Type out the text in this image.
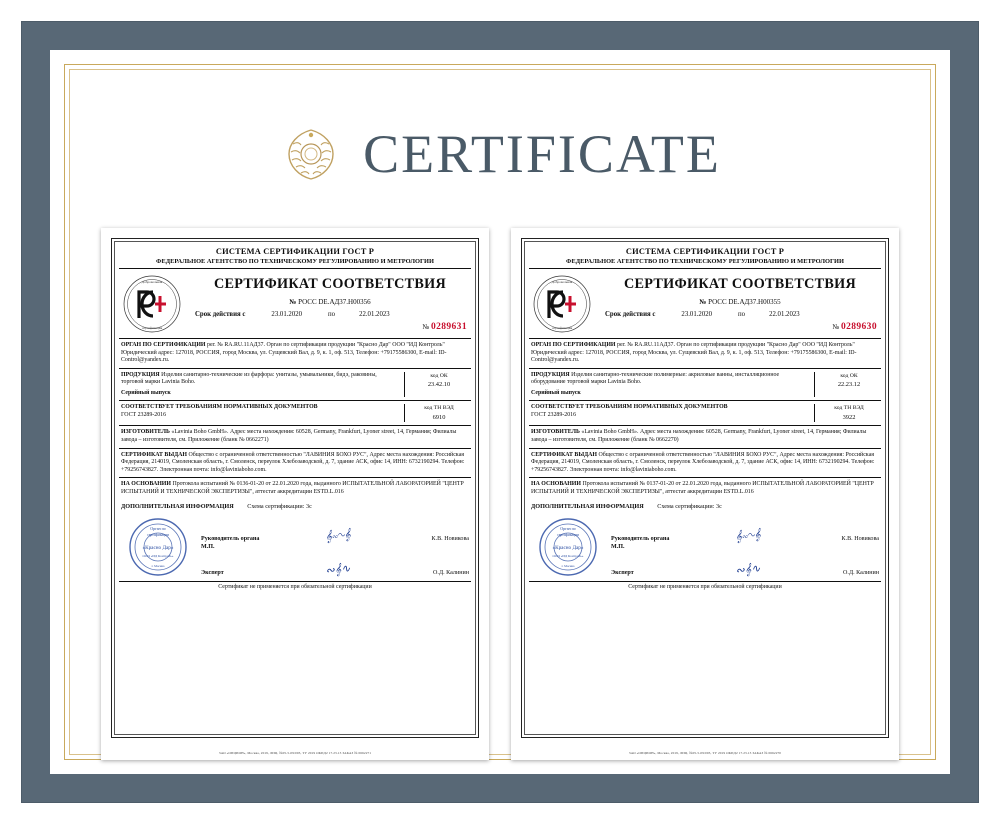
CERTIFICATE
СИСТЕМА СЕРТИФИКАЦИИ ГОСТ Р
ФЕДЕРАЛЬНОЕ АГЕНТСТВО ПО ТЕХНИЧЕСКОМУ РЕГУЛИРОВАНИЮ И МЕТРОЛОГИИ
Добровольная
сертификация
СЕРТИФИКАТ СООТВЕТСТВИЯ
№ РОСС DE.АД37.Н00356
Срок действия с	23.01.2020	по	22.01.2023
№ 0289631
ОРГАН ПО СЕРТИФИКАЦИИ рег. № RA.RU.11АД37. Орган по сертификации продукции "Красно Дар" ООО "ИД Контроль" Юридический адрес: 127018, РОССИЯ, город Москва, ул. Сущевский Вал, д. 9, к. 1, оф. 513, Телефон: +79175586300, E-mail: ID-Control@yandex.ru.
ПРОДУКЦИЯ Изделия санитарно-технические из фарфора: унитазы, умывальники, бидэ, раковины, торговой марки Lavinia Boho.
Серийный выпуск
код ОК
23.42.10
СООТВЕТСТВУЕТ ТРЕБОВАНИЯМ НОРМАТИВНЫХ ДОКУМЕНТОВ
ГОСТ 23289-2016
код ТН ВЭД
6910
ИЗГОТОВИТЕЛЬ «Lavinia Boho GmbH». Адрес места нахождения: 60528, Germany, Frankfurt, Lyoner street, 14, Германия; Филиалы завода – изготовителя, см. Приложение (бланк № 0662271)
СЕРТИФИКАТ ВЫДАН Общество с ограниченной ответственностью "ЛАВИНИЯ БОХО РУС", Адрес места нахождения: Российская Федерация, 214019, Смоленская область, г. Смоленск, переулок Хлебозаводской, д. 7, здание АСК, офис 14, ИНН: 6732190294. Телефон: +79256743827. Электронная почта: info@laviniaboho.com.
НА ОСНОВАНИИ Протокола испытаний № 0136-01-20 от 22.01.2020 года, выданного ИСПЫТАТЕЛЬНОЙ ЛАБОРАТОРИЕЙ "ЦЕНТР ИСПЫТАНИЙ И ТЕХНИЧЕСКОЙ ЭКСПЕРТИЗЫ", аттестат аккредитации ESTD.L.016
ДОПОЛНИТЕЛЬНАЯ ИНФОРМАЦИЯ Схема сертификации: 3с
Орган по
сертификации
«Красно Дар»
ООО «ИД Контроль»
г. Москва
Руководитель органа	𝄞∾∿𝄞	К.В. Новикова
М.П.
Эксперт	∾𝄞∿	О.Д. Калинин
Сертификат не применяется при обязательной сертификации
ЗАО «ОПЦИОН», Москва, 2019, ЛИЦ. №05-5-09/003, ТУ 2019 ОКПД2 17.23.13 ЗАКАЗ № 0662271
СИСТЕМА СЕРТИФИКАЦИИ ГОСТ Р
ФЕДЕРАЛЬНОЕ АГЕНТСТВО ПО ТЕХНИЧЕСКОМУ РЕГУЛИРОВАНИЮ И МЕТРОЛОГИИ
Добровольная
сертификация
СЕРТИФИКАТ СООТВЕТСТВИЯ
№ РОСС DE.АД37.Н00355
Срок действия с	23.01.2020	по	22.01.2023
№ 0289630
ОРГАН ПО СЕРТИФИКАЦИИ рег. № RA.RU.11АД37. Орган по сертификации продукции "Красно Дар" ООО "ИД Контроль" Юридический адрес: 127018, РОССИЯ, город Москва, ул. Сущевский Вал, д. 9, к. 1, оф. 513, Телефон: +79175586300, E-mail: ID-Control@yandex.ru.
ПРОДУКЦИЯ Изделия санитарно-технические полимерные: акриловые ванны, инсталляционное оборудование торговой марки Lavinia Boho.
Серийный выпуск
код ОК
22.23.12
СООТВЕТСТВУЕТ ТРЕБОВАНИЯМ НОРМАТИВНЫХ ДОКУМЕНТОВ
ГОСТ 23289-2016
код ТН ВЭД
3922
ИЗГОТОВИТЕЛЬ «Lavinia Boho GmbH». Адрес места нахождения: 60528, Germany, Frankfurt, Lyoner street, 14, Германия; Филиалы завода – изготовителя, см. Приложение (бланк № 0662270)
СЕРТИФИКАТ ВЫДАН Общество с ограниченной ответственностью "ЛАВИНИЯ БОХО РУС", Адрес места нахождения: Российская Федерация, 214019, Смоленская область, г. Смоленск, переулок Хлебозаводской, д. 7, здание АСК, офис 14, ИНН: 6732190294. Телефон: +79256743827. Электронная почта: info@laviniaboho.com.
НА ОСНОВАНИИ Протокола испытаний № 0137-01-20 от 22.01.2020 года, выданного ИСПЫТАТЕЛЬНОЙ ЛАБОРАТОРИЕЙ "ЦЕНТР ИСПЫТАНИЙ И ТЕХНИЧЕСКОЙ ЭКСПЕРТИЗЫ", аттестат аккредитации ESTD.L.016
ДОПОЛНИТЕЛЬНАЯ ИНФОРМАЦИЯ Схема сертификации: 3с
Орган по
сертификации
«Красно Дар»
ООО «ИД Контроль»
г. Москва
Руководитель органа	𝄞∾∿𝄞	К.В. Новикова
М.П.
Эксперт	∾𝄞∿	О.Д. Калинин
Сертификат не применяется при обязательной сертификации
ЗАО «ОПЦИОН», Москва, 2019, ЛИЦ. №05-5-09/003, ТУ 2019 ОКПД2 17.23.13 ЗАКАЗ № 0662270
